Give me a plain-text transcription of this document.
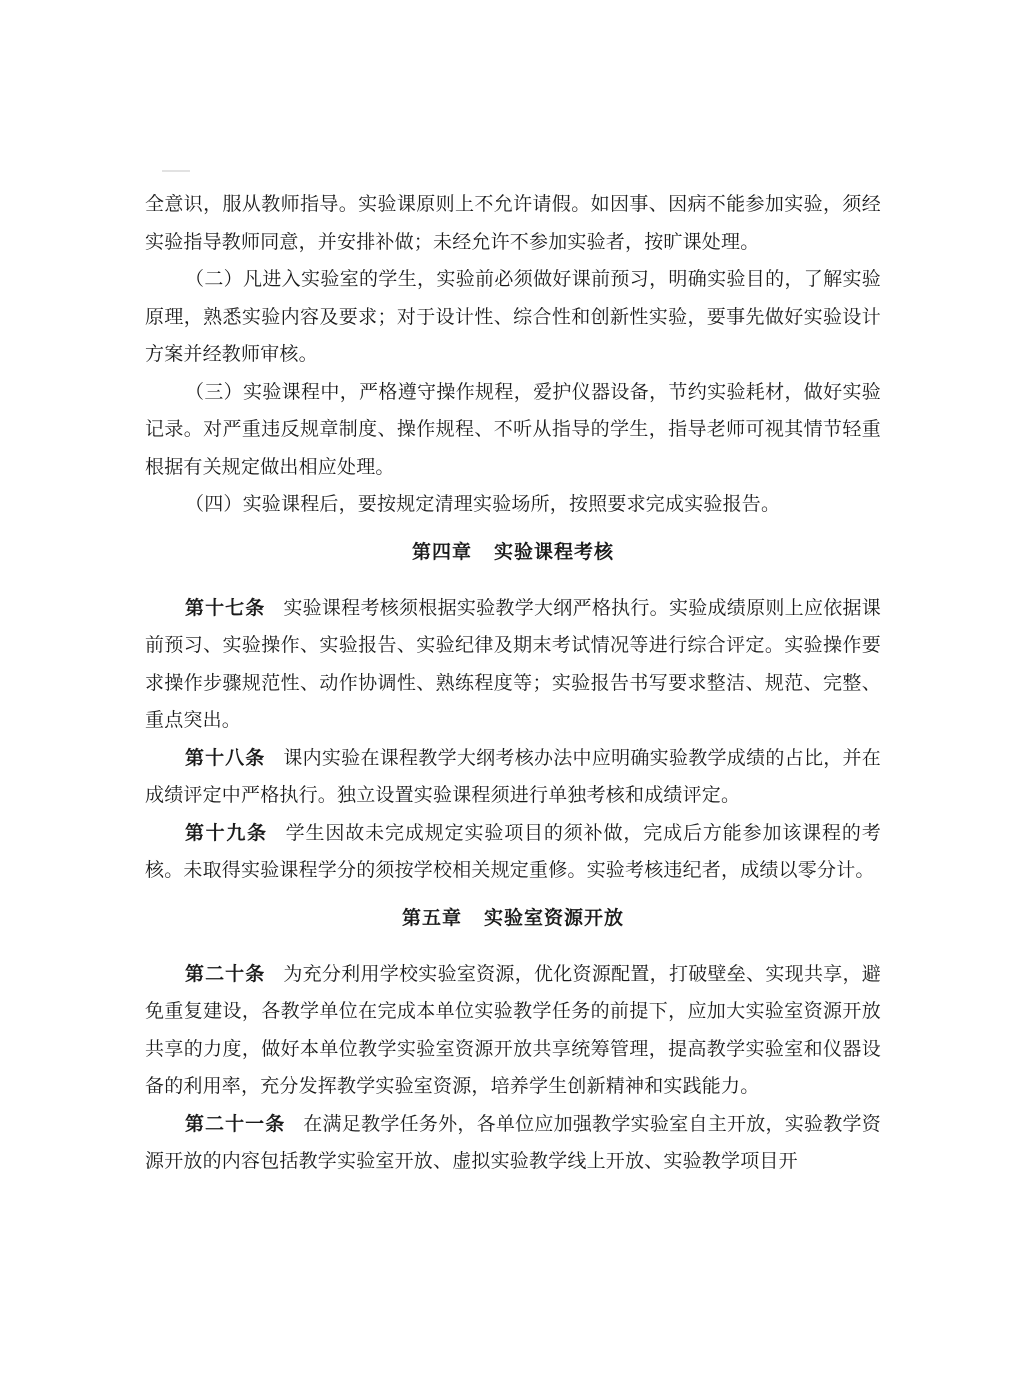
全意识，服从教师指导。实验课原则上不允许请假。如因事、因病不能参加实验，须经实验指导教师同意，并安排补做；未经允许不参加实验者，按旷课处理。

（二）凡进入实验室的学生，实验前必须做好课前预习，明确实验目的，了解实验原理，熟悉实验内容及要求；对于设计性、综合性和创新性实验，要事先做好实验设计方案并经教师审核。

（三）实验课程中，严格遵守操作规程，爱护仪器设备，节约实验耗材，做好实验记录。对严重违反规章制度、操作规程、不听从指导的学生，指导老师可视其情节轻重根据有关规定做出相应处理。

（四）实验课程后，要按规定清理实验场所，按照要求完成实验报告。

第四章 实验课程考核

第十七条 实验课程考核须根据实验教学大纲严格执行。实验成绩原则上应依据课前预习、实验操作、实验报告、实验纪律及期末考试情况等进行综合评定。实验操作要求操作步骤规范性、动作协调性、熟练程度等；实验报告书写要求整洁、规范、完整、重点突出。

第十八条 课内实验在课程教学大纲考核办法中应明确实验教学成绩的占比，并在成绩评定中严格执行。独立设置实验课程须进行单独考核和成绩评定。

第十九条 学生因故未完成规定实验项目的须补做，完成后方能参加该课程的考核。未取得实验课程学分的须按学校相关规定重修。实验考核违纪者，成绩以零分计。

第五章 实验室资源开放

第二十条 为充分利用学校实验室资源，优化资源配置，打破壁垒、实现共享，避免重复建设，各教学单位在完成本单位实验教学任务的前提下，应加大实验室资源开放共享的力度，做好本单位教学实验室资源开放共享统筹管理，提高教学实验室和仪器设备的利用率，充分发挥教学实验室资源，培养学生创新精神和实践能力。

第二十一条 在满足教学任务外，各单位应加强教学实验室自主开放，实验教学资源开放的内容包括教学实验室开放、虚拟实验教学线上开放、实验教学项目开
